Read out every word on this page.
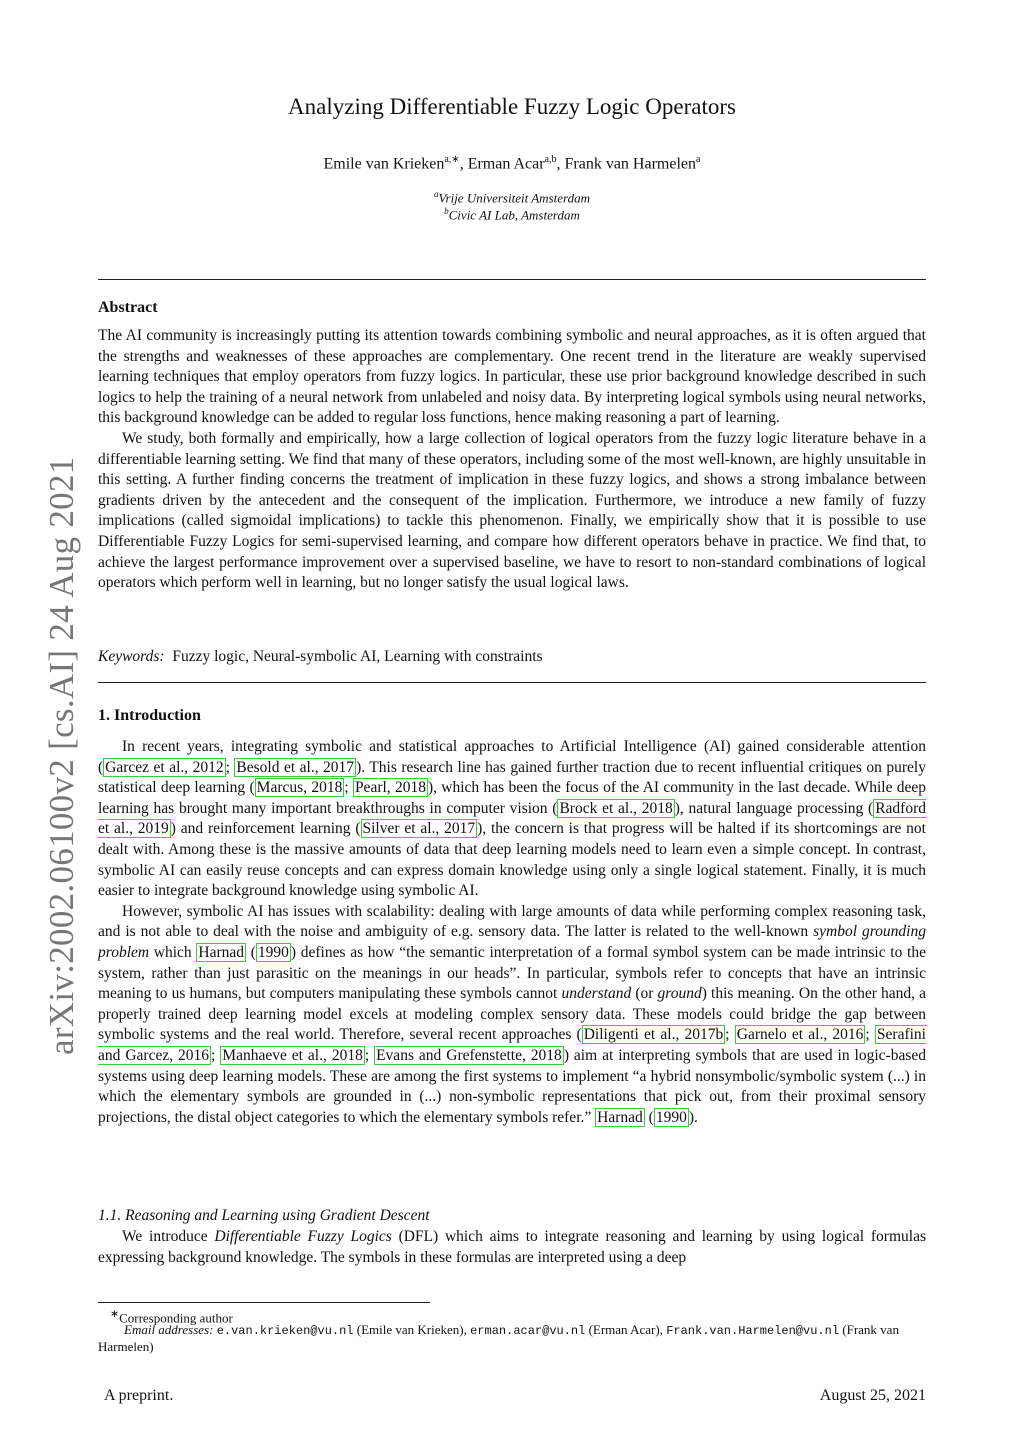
arXiv:2002.06100v2 [cs.AI] 24 Aug 2021
Analyzing Differentiable Fuzzy Logic Operators
Emile van Krieken$^{a,∗}$, Erman Acar$^{a,b}$, Frank van Harmelen$^a$
$^a$Vrije Universiteit Amsterdam
$^b$Civic AI Lab, Amsterdam
Abstract

The AI community is increasingly putting its attention towards combining symbolic and neural approaches, as it is often argued that the strengths and weaknesses of these approaches are complementary. One recent trend in the literature are weakly supervised learning techniques that employ operators from fuzzy logics. In particular, these use prior background knowledge described in such logics to help the training of a neural network from unlabeled and noisy data. By interpreting logical symbols using neural networks, this background knowledge can be added to regular loss functions, hence making reasoning a part of learning.

We study, both formally and empirically, how a large collection of logical operators from the fuzzy logic literature behave in a differentiable learning setting. We find that many of these operators, including some of the most well-known, are highly unsuitable in this setting. A further finding concerns the treatment of implication in these fuzzy logics, and shows a strong imbalance between gradients driven by the antecedent and the consequent of the implication. Furthermore, we introduce a new family of fuzzy implications (called sigmoidal implications) to tackle this phenomenon. Finally, we empirically show that it is possible to use Differentiable Fuzzy Logics for semi-supervised learning, and compare how different operators behave in practice. We find that, to achieve the largest performance improvement over a supervised baseline, we have to resort to non-standard combinations of logical operators which perform well in learning, but no longer satisfy the usual logical laws.

Keywords: Fuzzy logic, Neural-symbolic AI, Learning with constraints
1. Introduction

In recent years, integrating symbolic and statistical approaches to Artificial Intelligence (AI) gained considerable attention ( Garcez et al., 2012 ; Besold et al., 2017 ). This research line has gained further traction due to recent influential critiques on purely statistical deep learning ( Marcus, 2018 ; Pearl, 2018 ), which has been the focus of the AI community in the last decade. While deep learning has brought many important breakthroughs in computer vision ( Brock et al., 2018 ), natural language processing ( Radford et al., 2019 ) and reinforcement learning ( Silver et al., 2017 ), the concern is that progress will be halted if its shortcomings are not dealt with. Among these is the massive amounts of data that deep learning models need to learn even a simple concept. In contrast, symbolic AI can easily reuse concepts and can express domain knowledge using only a single logical statement. Finally, it is much easier to integrate background knowledge using symbolic AI.

However, symbolic AI has issues with scalability: dealing with large amounts of data while performing complex reasoning task, and is not able to deal with the noise and ambiguity of e.g. sensory data. The latter is related to the well-known symbol grounding problem which Harnad ( 1990 ) defines as how “the semantic interpretation of a formal symbol system can be made intrinsic to the system, rather than just parasitic on the meanings in our heads”. In particular, symbols refer to concepts that have an intrinsic meaning to us humans, but computers manipulating these symbols cannot understand (or ground) this meaning. On the other hand, a properly trained deep learning model excels at modeling complex sensory data. These models could bridge the gap between symbolic systems and the real world. Therefore, several recent approaches ( Diligenti et al., 2017b ; Garnelo et al., 2016 ; Serafini and Garcez, 2016 ; Manhaeve et al., 2018 ; Evans and Grefenstette, 2018 ) aim at interpreting symbols that are used in logic-based systems using deep learning models. These are among the first systems to implement “a hybrid nonsymbolic/symbolic system (...) in which the elementary symbols are grounded in (...) non-symbolic representations that pick out, from their proximal sensory projections, the distal object categories to which the elementary symbols refer.” Harnad ( 1990 ).

1.1. Reasoning and Learning using Gradient Descent

We introduce Differentiable Fuzzy Logics (DFL) which aims to integrate reasoning and learning by using logical formulas expressing background knowledge. The symbols in these formulas are interpreted using a deep

∗Corresponding author
Email addresses: e.van.krieken@vu.nl (Emile van Krieken), erman.acar@vu.nl (Erman Acar), Frank.van.Harmelen@vu.nl (Frank van Harmelen)
A preprint.	August 25, 2021
